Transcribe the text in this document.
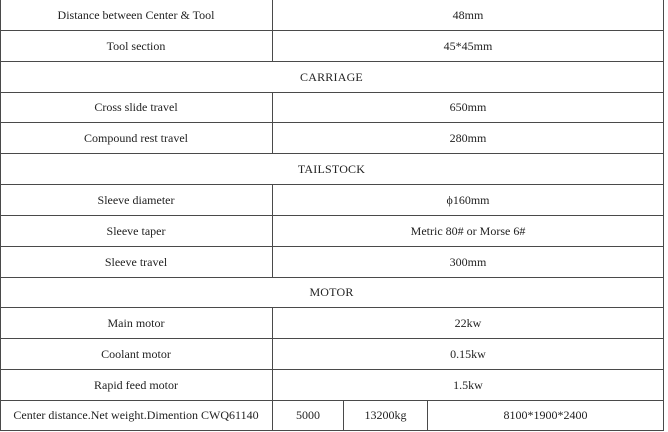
Distance between Center & Tool	48mm
Tool section	45*45mm
CARRIAGE
Cross slide travel	650mm
Compound rest travel	280mm
TAILSTOCK
Sleeve diameter	ϕ160mm
Sleeve taper	Metric 80# or Morse 6#
Sleeve travel	300mm
MOTOR
Main motor	22kw
Coolant motor	0.15kw
Rapid feed motor	1.5kw
Center distance.Net weight.Dimention CWQ61140	5000	13200kg	8100*1900*2400
